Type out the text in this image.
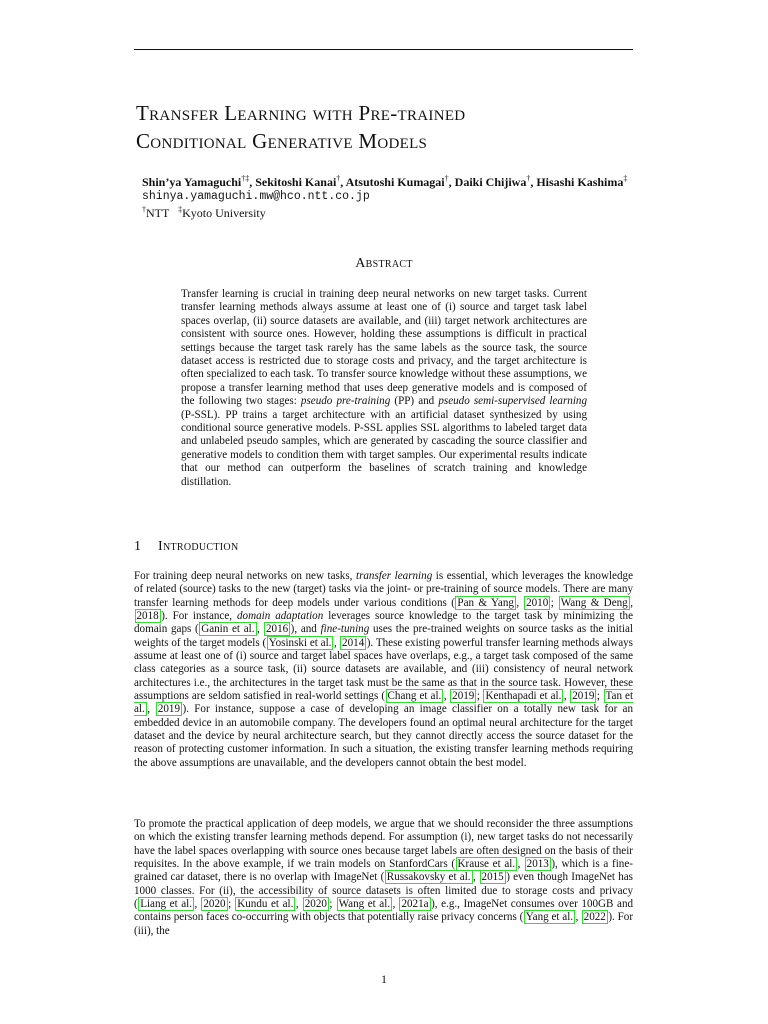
Transfer Learning with Pre-trained
Conditional Generative Models
Shin’ya Yamaguchi†‡, Sekitoshi Kanai†, Atsutoshi Kumagai†, Daiki Chijiwa†, Hisashi Kashima‡
shinya.yamaguchi.mw@hco.ntt.co.jp
†NTT ‡Kyoto University
Abstract
Transfer learning is crucial in training deep neural networks on new target tasks. Current transfer learning methods always assume at least one of (i) source and target task label spaces overlap, (ii) source datasets are available, and (iii) target network architectures are consistent with source ones. However, holding these assumptions is difficult in practical settings because the target task rarely has the same labels as the source task, the source dataset access is restricted due to storage costs and privacy, and the target architecture is often specialized to each task. To transfer source knowledge without these assumptions, we propose a transfer learning method that uses deep generative models and is composed of the following two stages: pseudo pre-training (PP) and pseudo semi-supervised learning (P-SSL). PP trains a target architecture with an artificial dataset synthesized by using conditional source generative models. P-SSL applies SSL algorithms to labeled target data and unlabeled pseudo samples, which are generated by cascading the source classifier and generative models to condition them with target samples. Our experimental results indicate that our method can outperform the baselines of scratch training and knowledge distillation.
1 Introduction
For training deep neural networks on new tasks, transfer learning is essential, which leverages the knowledge of related (source) tasks to the new (target) tasks via the joint- or pre-training of source models. There are many transfer learning methods for deep models under various conditions ( Pan & Yang , 2010 ; Wang & Deng , 2018 ). For instance, domain adaptation leverages source knowledge to the target task by minimizing the domain gaps ( Ganin et al. , 2016 ), and fine-tuning uses the pre-trained weights on source tasks as the initial weights of the target models ( Yosinski et al. , 2014 ). These existing powerful transfer learning methods always assume at least one of (i) source and target label spaces have overlaps, e.g., a target task composed of the same class categories as a source task, (ii) source datasets are available, and (iii) consistency of neural network architectures i.e., the architectures in the target task must be the same as that in the source task. However, these assumptions are seldom satisfied in real-world settings ( Chang et al. , 2019 ; Kenthapadi et al. , 2019 ; Tan et al. , 2019 ). For instance, suppose a case of developing an image classifier on a totally new task for an embedded device in an automobile company. The developers found an optimal neural architecture for the target dataset and the device by neural architecture search, but they cannot directly access the source dataset for the reason of protecting customer information. In such a situation, the existing transfer learning methods requiring the above assumptions are unavailable, and the developers cannot obtain the best model.
To promote the practical application of deep models, we argue that we should reconsider the three assumptions on which the existing transfer learning methods depend. For assumption (i), new target tasks do not necessarily have the label spaces overlapping with source ones because target labels are often designed on the basis of their requisites. In the above example, if we train models on StanfordCars ( Krause et al. , 2013 ), which is a fine-grained car dataset, there is no overlap with ImageNet ( Russakovsky et al. , 2015 ) even though ImageNet has 1000 classes. For (ii), the accessibility of source datasets is often limited due to storage costs and privacy ( Liang et al. , 2020 ; Kundu et al. , 2020 ; Wang et al. , 2021a ), e.g., ImageNet consumes over 100GB and contains person faces co-occurring with objects that potentially raise privacy concerns ( Yang et al. , 2022 ). For (iii), the
1
